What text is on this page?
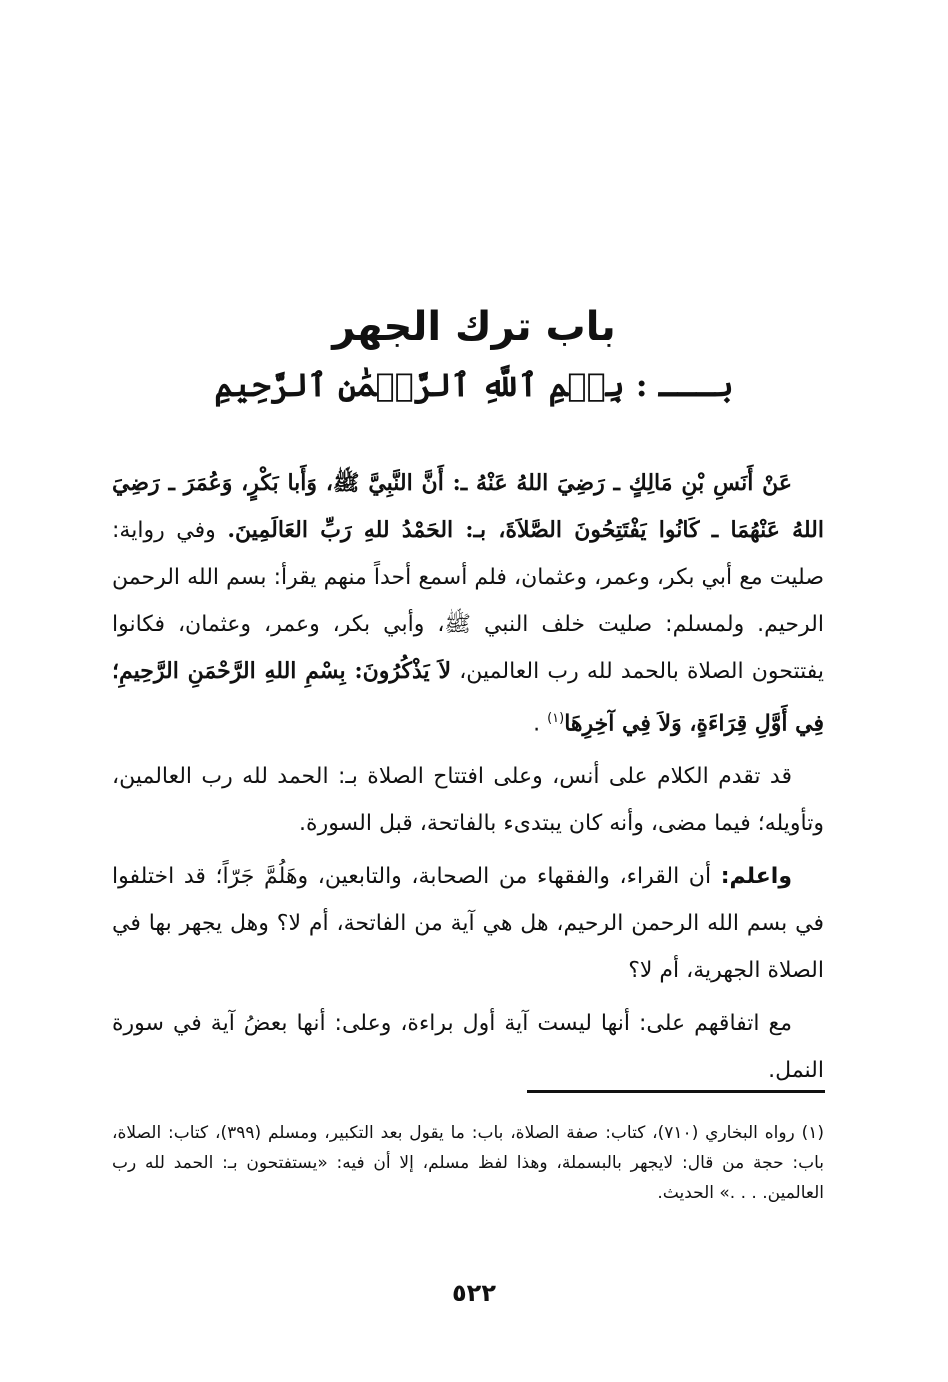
باب ترك الجهر
بـــ : بِسۡمِ ٱللَّهِ ٱلرَّحۡمَٰنِ ٱلرَّحِيمِ

عَنْ أَنَسِ بْنِ مَالِكٍ ـ رَضِيَ اللهُ عَنْهُ ـ: أَنَّ النَّبِيَّ ﷺ، وَأَبا بَكْرٍ، وَعُمَرَ ـ رَضِيَ اللهُ عَنْهُمَا ـ كَانُوا يَفْتَتِحُونَ الصَّلاَةَ، بـ: الحَمْدُ للهِ رَبِّ العَالَمِينَ. وفي رواية: صليت مع أبي بكر، وعمر، وعثمان، فلم أسمع أحداً منهم يقرأ: بسم الله الرحمن الرحيم. ولمسلم: صليت خلف النبي ﷺ، وأبي بكر، وعمر، وعثمان، فكانوا يفتتحون الصلاة بالحمد لله رب العالمين، لاَ يَذْكُرُونَ: بِسْمِ اللهِ الرَّحْمَنِ الرَّحِيمِ؛ فِي أَوَّلِ قِرَاءَةٍ، وَلاَ فِي آخِرِهَا$^{(١)}$ .

قد تقدم الكلام على أنس، وعلى افتتاح الصلاة بـ: الحمد لله رب العالمين، وتأويله؛ فيما مضى، وأنه كان يبتدىء بالفاتحة، قبل السورة.

واعلم: أن القراء، والفقهاء من الصحابة، والتابعين، وهَلُمَّ جَرّاً؛ قد اختلفوا في بسم الله الرحمن الرحيم، هل هي آية من الفاتحة، أم لا؟ وهل يجهر بها في الصلاة الجهرية، أم لا؟

مع اتفاقهم على: أنها ليست آية أول براءة، وعلى: أنها بعضُ آية في سورة النمل.

(١) رواه البخاري (٧١٠)، كتاب: صفة الصلاة، باب: ما يقول بعد التكبير، ومسلم (٣٩٩)، كتاب: الصلاة، باب: حجة من قال: لايجهر بالبسملة، وهذا لفظ مسلم، إلا أن فيه: «يستفتحون بـ: الحمد لله رب العالمين. . . .» الحديث.

٥٢٢
